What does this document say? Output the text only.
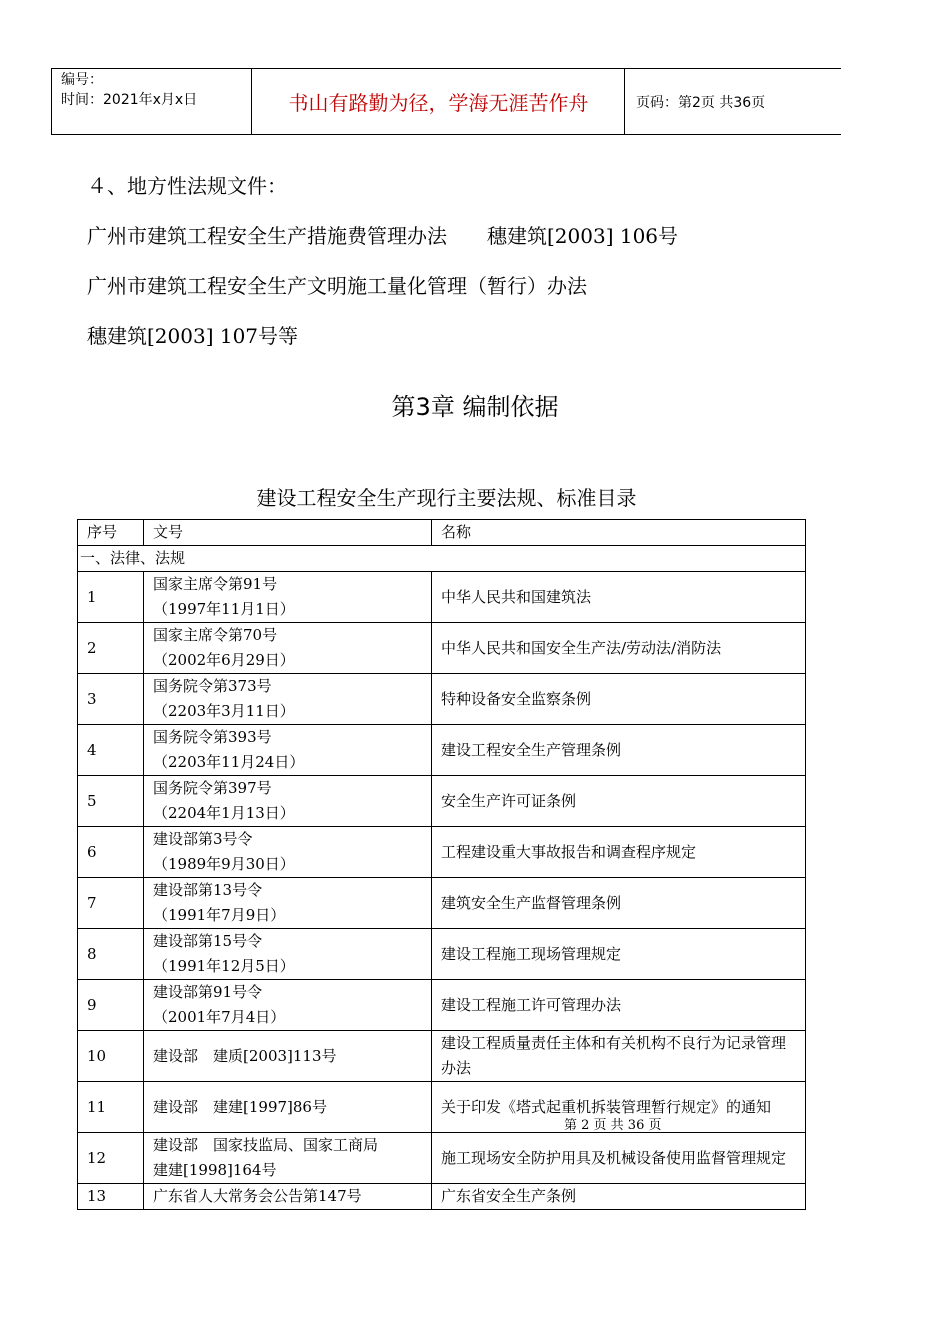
编号：
时间：2021年x月x日	书山有路勤为径，学海无涯苦作舟	页码：第2页 共36页
４、地方性法规文件：
广州市建筑工程安全生产措施费管理办法　　穗建筑[2003] 106号
广州市建筑工程安全生产文明施工量化管理（暂行）办法
穗建筑[2003] 107号等
第3章 编制依据
建设工程安全生产现行主要法规、标准目录
序号	文号	名称
一、法律、法规		
1	国家主席令第91号
（1997年11月1日）	中华人民共和国建筑法
2	国家主席令第70号
（2002年6月29日）	中华人民共和国安全生产法/劳动法/消防法
3	国务院令第373号
（2203年3月11日）	特种设备安全监察条例
4	国务院令第393号
（2203年11月24日）	建设工程安全生产管理条例
5	国务院令第397号
（2204年1月13日）	安全生产许可证条例
6	建设部第3号令
（1989年9月30日）	工程建设重大事故报告和调查程序规定
7	建设部第13号令
（1991年7月9日）	建筑安全生产监督管理条例
8	建设部第15号令
（1991年12月5日）	建设工程施工现场管理规定
9	建设部第91号令
（2001年7月4日）	建设工程施工许可管理办法
10	建设部　建质[2003]113号	建设工程质量责任主体和有关机构不良行为记录管理办法
11	建设部　建建[1997]86号	关于印发《塔式起重机拆装管理暂行规定》的通知
12	建设部　国家技监局、国家工商局
建建[1998]164号	施工现场安全防护用具及机械设备使用监督管理规定
13	广东省人大常务会公告第147号	广东省安全生产条例
第 2 页 共 36 页
